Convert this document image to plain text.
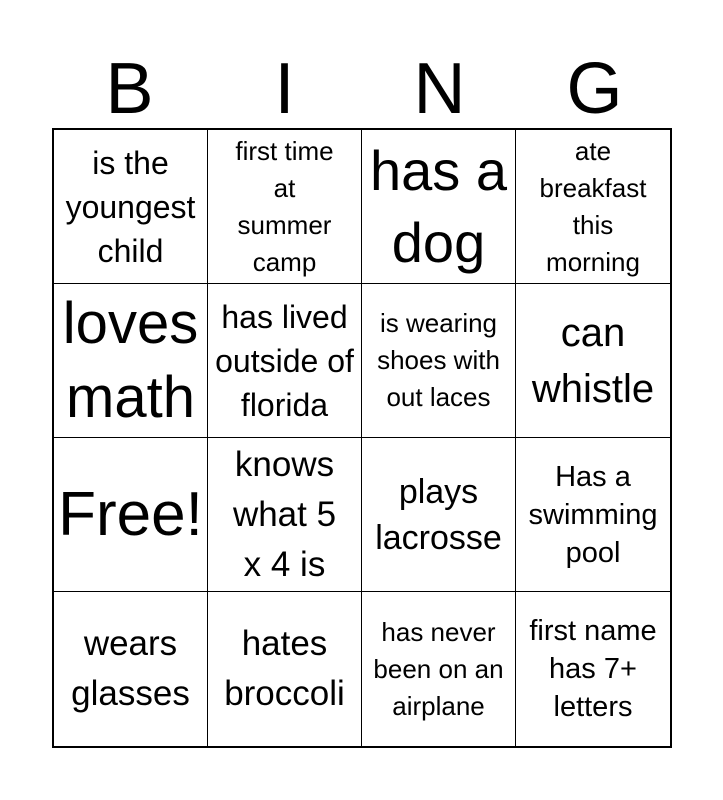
B	I	N	G
is the youngest child
first time at summer camp
has a dog
ate breakfast this morning
loves math
has lived outside of florida
is wearing shoes with out laces
can whistle
Free!
knows what 5 x 4 is
plays lacrosse
Has a swimming pool
wears glasses
hates broccoli
has never been on an airplane
first name has 7+ letters
